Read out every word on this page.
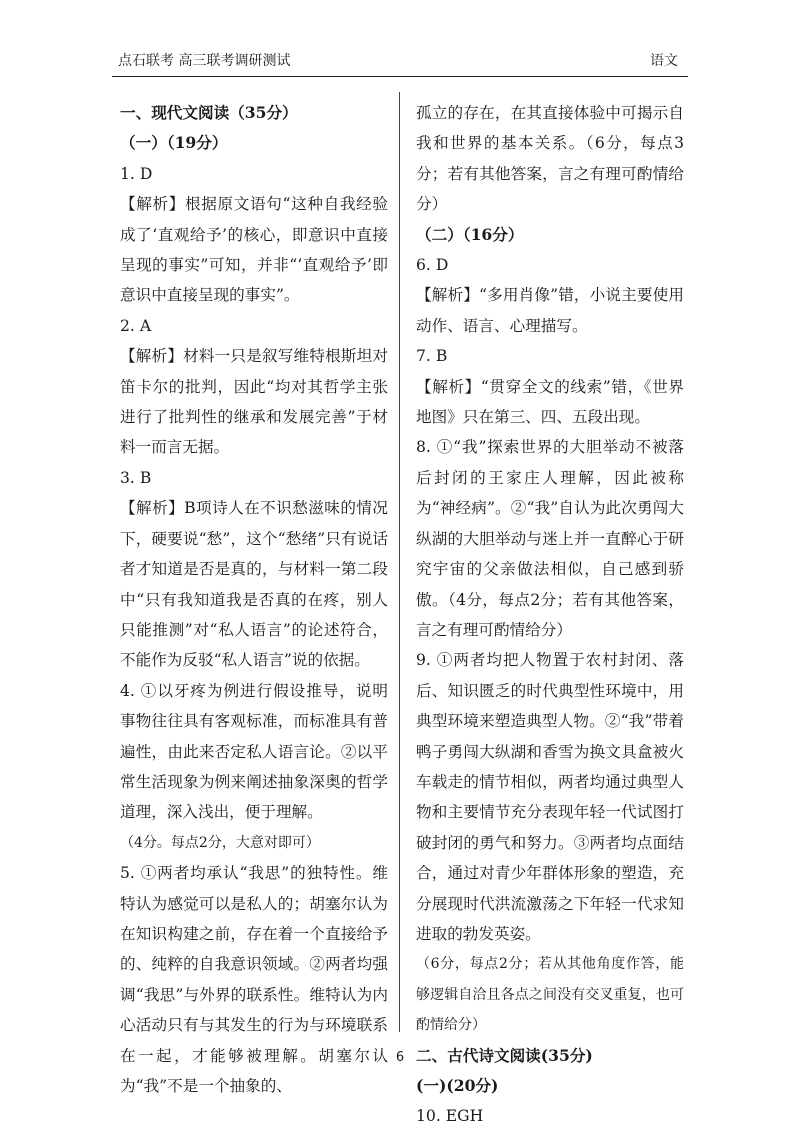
点石联考 高三联考调研测试	语文

一、现代文阅读（35分）

（一）（19分）

1. D

【解析】根据原文语句“这种自我经验成了‘直观给予’的核心，即意识中直接呈现的事实”可知，并非“‘直观给予’即意识中直接呈现的事实”。

2. A

【解析】材料一只是叙写维特根斯坦对笛卡尔的批判，因此“均对其哲学主张进行了批判性的继承和发展完善”于材料一而言无据。

3. B

【解析】B项诗人在不识愁滋味的情况下，硬要说“愁”，这个“愁绪”只有说话者才知道是否是真的，与材料一第二段中“只有我知道我是否真的在疼，别人只能推测”对“私人语言”的论述符合，不能作为反驳“私人语言”说的依据。

4. ①以牙疼为例进行假设推导，说明事物往往具有客观标准，而标准具有普遍性，由此来否定私人语言论。②以平常生活现象为例来阐述抽象深奥的哲学道理，深入浅出，便于理解。

（4分。每点2分，大意对即可）

5. ①两者均承认“我思”的独特性。维特认为感觉可以是私人的；胡塞尔认为在知识构建之前，存在着一个直接给予的、纯粹的自我意识领域。②两者均强调“我思”与外界的联系性。维特认为内心活动只有与其发生的行为与环境联系在一起，才能够被理解。胡塞尔认为“我”不是一个抽象的、

孤立的存在，在其直接体验中可揭示自我和世界的基本关系。（6分，每点3分；若有其他答案，言之有理可酌情给分）

（二）（16分）

6. D

【解析】“多用肖像”错，小说主要使用动作、语言、心理描写。

7. B

【解析】“贯穿全文的线索”错，《世界地图》只在第三、四、五段出现。

8. ①“我”探索世界的大胆举动不被落后封闭的王家庄人理解，因此被称为“神经病”。②“我”自认为此次勇闯大纵湖的大胆举动与迷上并一直醉心于研究宇宙的父亲做法相似，自己感到骄傲。（4分，每点2分；若有其他答案，言之有理可酌情给分）

9. ①两者均把人物置于农村封闭、落后、知识匮乏的时代典型性环境中，用典型环境来塑造典型人物。②“我”带着鸭子勇闯大纵湖和香雪为换文具盒被火车载走的情节相似，两者均通过典型人物和主要情节充分表现年轻一代试图打破封闭的勇气和努力。③两者均点面结合，通过对青少年群体形象的塑造，充分展现时代洪流激荡之下年轻一代求知进取的勃发英姿。

（6分，每点2分；若从其他角度作答，能够逻辑自洽且各点之间没有交叉重复，也可酌情给分）

二、古代诗文阅读(35分)

(一)(20分)

10. EGH

6
